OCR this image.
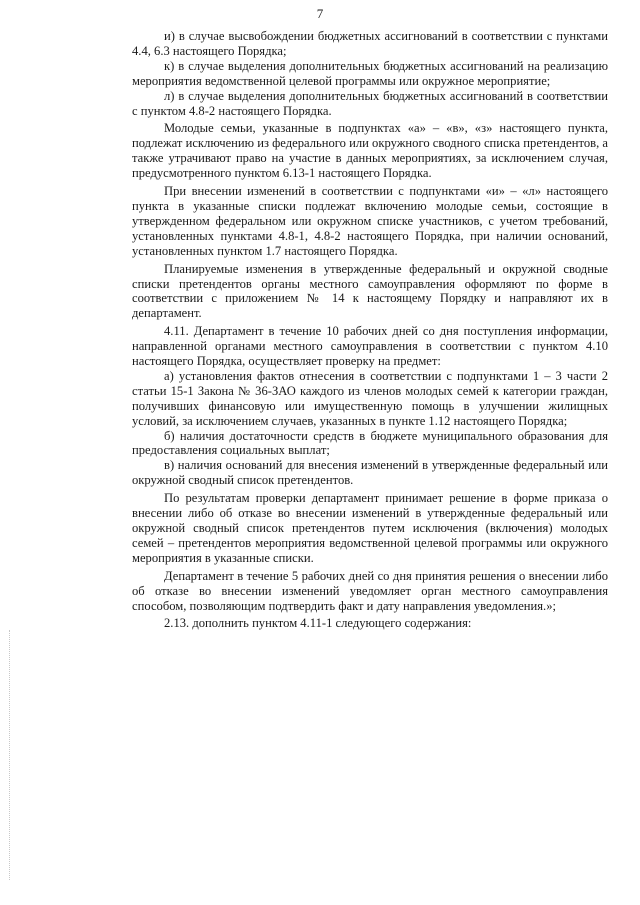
7

и) в случае высвобождении бюджетных ассигнований в соответствии с пунктами 4.4, 6.3 настоящего Порядка;

к) в случае выделения дополнительных бюджетных ассигнований на реализацию мероприятия ведомственной целевой программы или окружное мероприятие;

л) в случае выделения дополнительных бюджетных ассигнований в соответствии с пунктом 4.8-2 настоящего Порядка.

Молодые семьи, указанные в подпунктах «а» – «в», «з» настоящего пункта, подлежат исключению из федерального или окружного сводного списка претендентов, а также утрачивают право на участие в данных мероприятиях, за исключением случая, предусмотренного пунктом 6.13-1 настоящего Порядка.

При внесении изменений в соответствии с подпунктами «и» – «л» настоящего пункта в указанные списки подлежат включению молодые семьи, состоящие в утвержденном федеральном или окружном списке участников, с учетом требований, установленных пунктами 4.8-1, 4.8-2 настоящего Порядка, при наличии оснований, установленных пунктом 1.7 настоящего Порядка.

Планируемые изменения в утвержденные федеральный и окружной сводные списки претендентов органы местного самоуправления оформляют по форме в соответствии с приложением № 14 к настоящему Порядку и направляют их в департамент.

4.11. Департамент в течение 10 рабочих дней со дня поступления информации, направленной органами местного самоуправления в соответствии с пунктом 4.10 настоящего Порядка, осуществляет проверку на предмет:

а) установления фактов отнесения в соответствии с подпунктами 1 – 3 части 2 статьи 15-1 Закона № 36-ЗАО каждого из членов молодых семей к категории граждан, получивших финансовую или имущественную помощь в улучшении жилищных условий, за исключением случаев, указанных в пункте 1.12 настоящего Порядка;

б) наличия достаточности средств в бюджете муниципального образования для предоставления социальных выплат;

в) наличия оснований для внесения изменений в утвержденные федеральный или окружной сводный список претендентов.

По результатам проверки департамент принимает решение в форме приказа о внесении либо об отказе во внесении изменений в утвержденные федеральный или окружной сводный список претендентов путем исключения (включения) молодых семей – претендентов мероприятия ведомственной целевой программы или окружного мероприятия в указанные списки.

Департамент в течение 5 рабочих дней со дня принятия решения о внесении либо об отказе во внесении изменений уведомляет орган местного самоуправления способом, позволяющим подтвердить факт и дату направления уведомления.»;

2.13. дополнить пунктом 4.11-1 следующего содержания:
